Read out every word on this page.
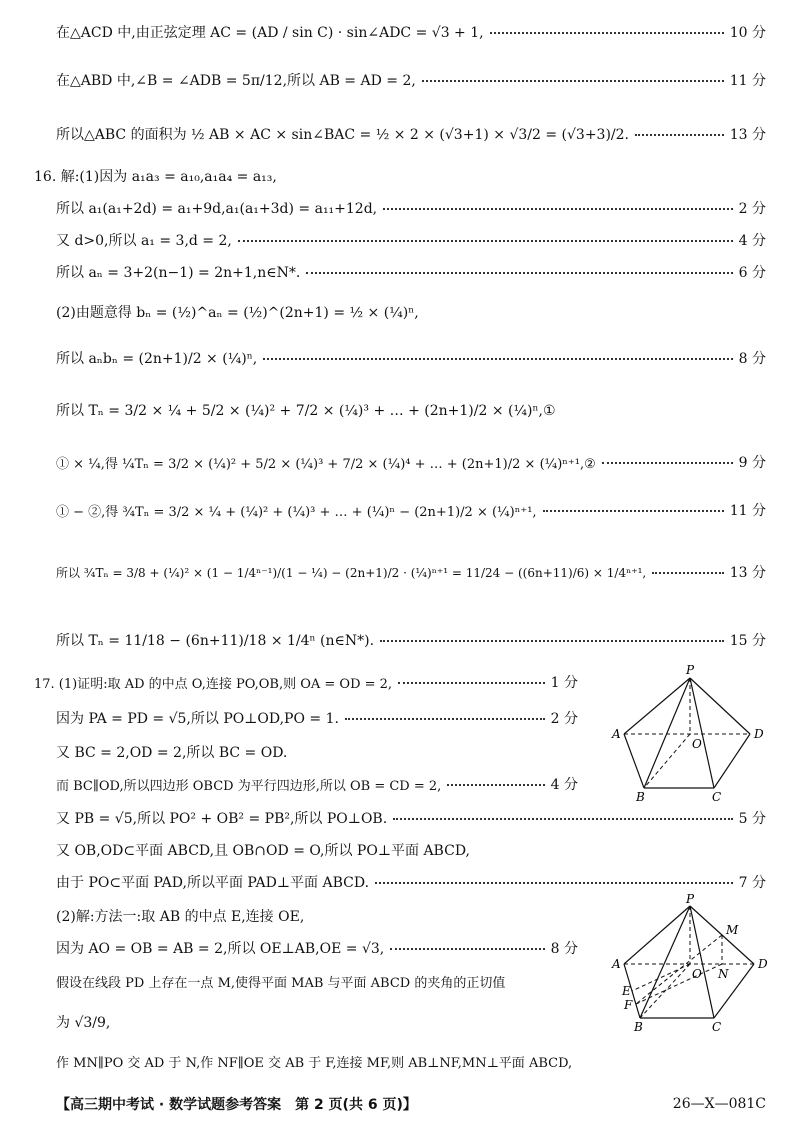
在△ACD 中,由正弦定理 AC = (AD / sin C) · sin∠ADC = √3 + 1,	10 分
在△ABD 中,∠B = ∠ADB = 5π/12,所以 AB = AD = 2,	11 分
所以△ABC 的面积为 ½ AB × AC × sin∠BAC = ½ × 2 × (√3+1) × √3/2 = (√3+3)/2.	13 分
16. 解:(1)因为 a₁a₃ = a₁₀,a₁a₄ = a₁₃,
所以 a₁(a₁+2d) = a₁+9d,a₁(a₁+3d) = a₁₁+12d,	2 分
又 d>0,所以 a₁ = 3,d = 2,	4 分
所以 aₙ = 3+2(n−1) = 2n+1,n∈N*.	6 分
(2)由题意得 bₙ = (½)^aₙ = (½)^(2n+1) = ½ × (¼)ⁿ,
所以 aₙbₙ = (2n+1)/2 × (¼)ⁿ,	8 分
所以 Tₙ = 3/2 × ¼ + 5/2 × (¼)² + 7/2 × (¼)³ + … + (2n+1)/2 × (¼)ⁿ,①
① × ¼,得 ¼Tₙ = 3/2 × (¼)² + 5/2 × (¼)³ + 7/2 × (¼)⁴ + … + (2n+1)/2 × (¼)ⁿ⁺¹,②	9 分
① − ②,得 ¾Tₙ = 3/2 × ¼ + (¼)² + (¼)³ + … + (¼)ⁿ − (2n+1)/2 × (¼)ⁿ⁺¹,	11 分
所以 ¾Tₙ = 3/8 + (¼)² × (1 − 1/4ⁿ⁻¹)/(1 − ¼) − (2n+1)/2 · (¼)ⁿ⁺¹ = 11/24 − ((6n+11)/6) × 1/4ⁿ⁺¹,	13 分
所以 Tₙ = 11/18 − (6n+11)/18 × 1/4ⁿ (n∈N*).	15 分
17. (1)证明:取 AD 的中点 O,连接 PO,OB,则 OA = OD = 2,	1 分
因为 PA = PD = √5,所以 PO⊥OD,PO = 1.	2 分
又 BC = 2,OD = 2,所以 BC = OD.
而 BC∥OD,所以四边形 OBCD 为平行四边形,所以 OB = CD = 2,	4 分
又 PB = √5,所以 PO² + OB² = PB²,所以 PO⊥OB.	5 分
又 OB,OD⊂平面 ABCD,且 OB∩OD = O,所以 PO⊥平面 ABCD,
由于 PO⊂平面 PAD,所以平面 PAD⊥平面 ABCD.	7 分
(2)解:方法一:取 AB 的中点 E,连接 OE,
因为 AO = OB = AB = 2,所以 OE⊥AB,OE = √3,	8 分
假设在线段 PD 上存在一点 M,使得平面 MAB 与平面 ABCD 的夹角的正切值
为 √3/9,
作 MN∥PO 交 AD 于 N,作 NF∥OE 交 AB 于 F,连接 MF,则 AB⊥NF,MN⊥平面 ABCD,
P
A
O
D
B	C
P
M
A
O N
D
E
F
B	C
【高三期中考试 · 数学试题参考答案　第 2 页(共 6 页)】	26—X—081C
